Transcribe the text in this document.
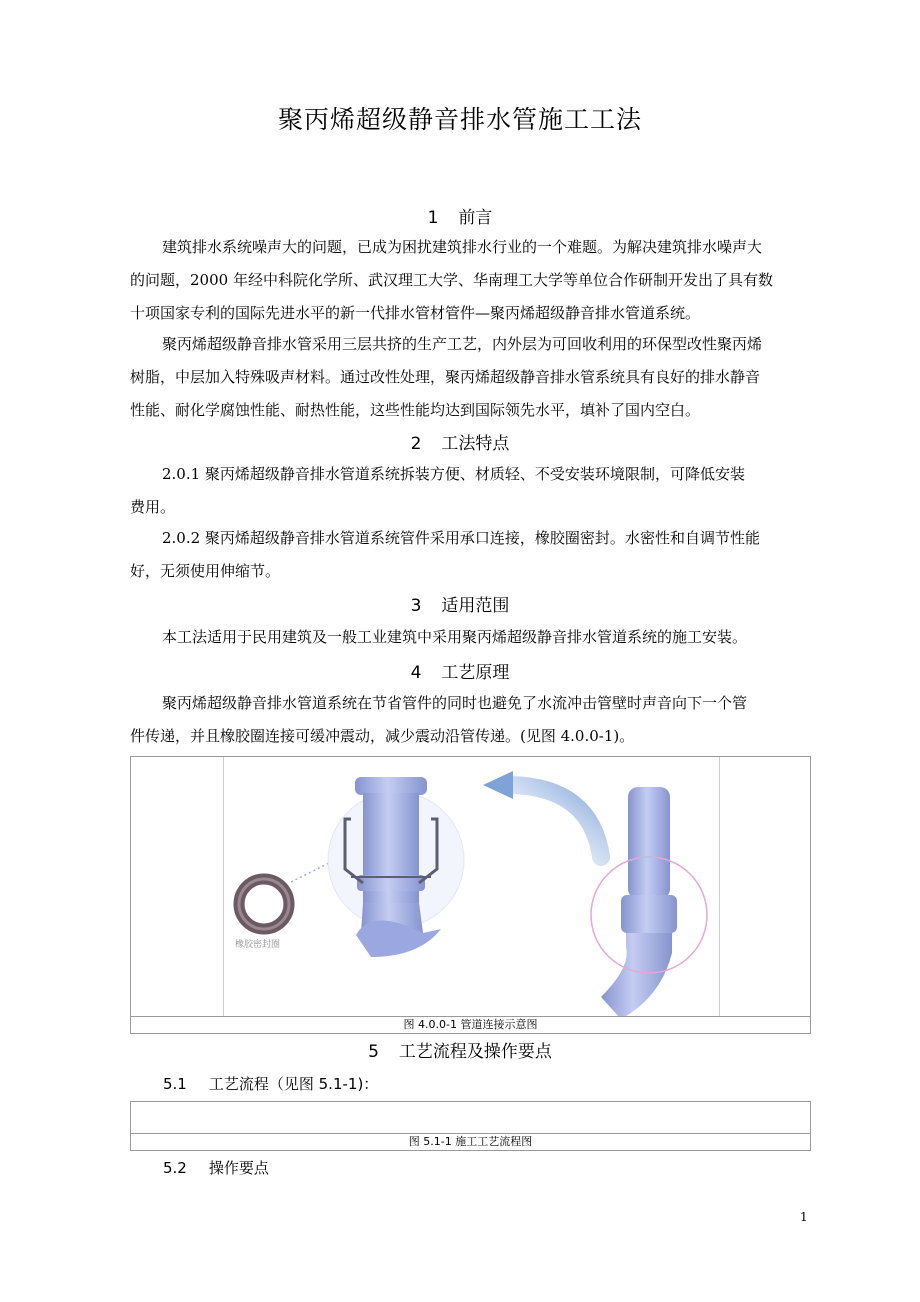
聚丙烯超级静音排水管施工工法
1 前言
建筑排水系统噪声大的问题，已成为困扰建筑排水行业的一个难题。为解决建筑排水噪声大
的问题，2000 年经中科院化学所、武汉理工大学、华南理工大学等单位合作研制开发出了具有数
十项国家专利的国际先进水平的新一代排水管材管件—聚丙烯超级静音排水管道系统。
聚丙烯超级静音排水管采用三层共挤的生产工艺，内外层为可回收利用的环保型改性聚丙烯
树脂，中层加入特殊吸声材料。通过改性处理，聚丙烯超级静音排水管系统具有良好的排水静音
性能、耐化学腐蚀性能、耐热性能，这些性能均达到国际领先水平，填补了国内空白。
2 工法特点
2.0.1 聚丙烯超级静音排水管道系统拆装方便、材质轻、不受安装环境限制，可降低安装
费用。
2.0.2 聚丙烯超级静音排水管道系统管件采用承口连接，橡胶圈密封。水密性和自调节性能
好，无须使用伸缩节。
3 适用范围
本工法适用于民用建筑及一般工业建筑中采用聚丙烯超级静音排水管道系统的施工安装。
4 工艺原理
聚丙烯超级静音排水管道系统在节省管件的同时也避免了水流冲击管壁时声音向下一个管
件传递，并且橡胶圈连接可缓冲震动，减少震动沿管传递。(见图 4.0.0-1)。
橡胶密封圈
图 4.0.0-1 管道连接示意图
5 工艺流程及操作要点
5.1 工艺流程（见图 5.1-1)：
图 5.1-1 施工工艺流程图
5.2 操作要点
1
